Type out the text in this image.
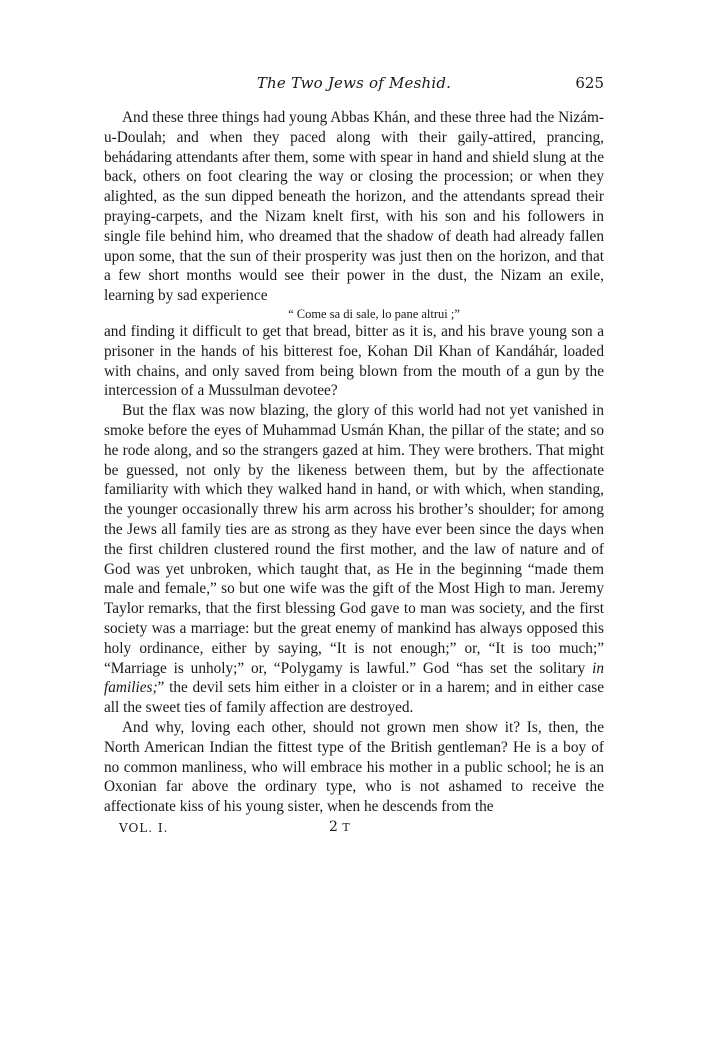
The Two Jews of Meshid.	625

And these three things had young Abbas Khán, and these three had the Nizám-u-Doulah; and when they paced along with their gaily-attired, prancing, behádaring attendants after them, some with spear in hand and shield slung at the back, others on foot clearing the way or closing the procession; or when they alighted, as the sun dipped beneath the horizon, and the attendants spread their praying-carpets, and the Nizam knelt first, with his son and his followers in single file behind him, who dreamed that the shadow of death had already fallen upon some, that the sun of their prosperity was just then on the horizon, and that a few short months would see their power in the dust, the Nizam an exile, learning by sad experience

“ Come sa di sale, lo pane altrui ;”

and finding it difficult to get that bread, bitter as it is, and his brave young son a prisoner in the hands of his bitterest foe, Kohan Dil Khan of Kandáhár, loaded with chains, and only saved from being blown from the mouth of a gun by the intercession of a Mussulman devotee?

But the flax was now blazing, the glory of this world had not yet vanished in smoke before the eyes of Muhammad Usmán Khan, the pillar of the state; and so he rode along, and so the strangers gazed at him. They were brothers. That might be guessed, not only by the likeness between them, but by the affectionate familiarity with which they walked hand in hand, or with which, when standing, the younger occasionally threw his arm across his brother’s shoulder; for among the Jews all family ties are as strong as they have ever been since the days when the first children clustered round the first mother, and the law of nature and of God was yet unbroken, which taught that, as He in the beginning “made them male and female,” so but one wife was the gift of the Most High to man. Jeremy Taylor remarks, that the first blessing God gave to man was society, and the first society was a marriage: but the great enemy of mankind has always opposed this holy ordinance, either by saying, “It is not enough;” or, “It is too much;” “Marriage is unholy;” or, “Polygamy is lawful.” God “has set the solitary in families;” the devil sets him either in a cloister or in a harem; and in either case all the sweet ties of family affection are destroyed.

And why, loving each other, should not grown men show it? Is, then, the North American Indian the fittest type of the British gentleman? He is a boy of no common manliness, who will embrace his mother in a public school; he is an Oxonian far above the ordinary type, who is not ashamed to receive the affectionate kiss of his young sister, when he descends from the

VOL. I.	2 T
